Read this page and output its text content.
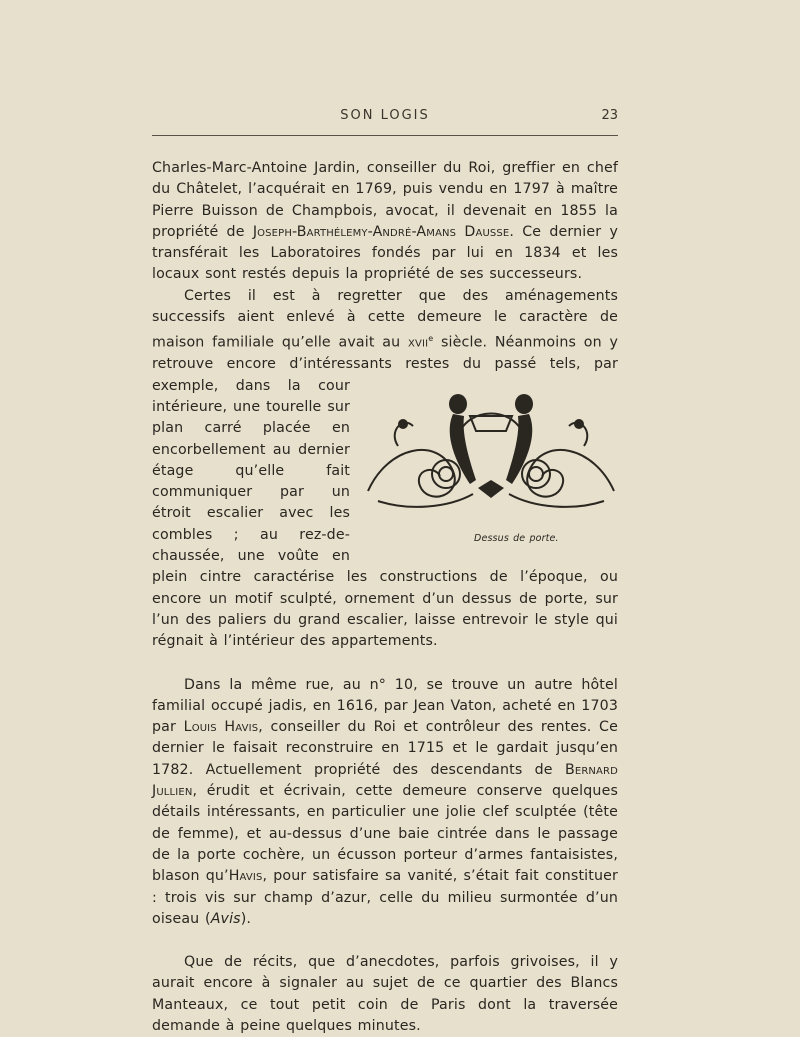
SON LOGIS	23

Charles-Marc-Antoine Jardin, conseiller du Roi, greffier en chef du Châtelet, l’acquérait en 1769, puis vendu en 1797 à maître Pierre Buisson de Champbois, avocat, il devenait en 1855 la propriété de Joseph-Barthélemy-André-Amans Dausse. Ce dernier y transférait les Laboratoires fondés par lui en 1834 et les locaux sont restés depuis la propriété de ses successeurs.

Certes il est à regretter que des aménagements successifs aient enlevé à cette demeure le caractère de maison familiale qu’elle avait au xvii$^e$ siècle. Néanmoins on y retrouve encore d’intéressants restes
Dessus de porte.
du passé tels, par exemple, dans la cour intérieure, une tourelle sur plan carré placée en encorbellement au dernier étage qu’elle fait communiquer par un étroit escalier avec les combles ; au rez-de-chaussée, une voûte en plein cintre caractérise les constructions de l’époque, ou encore un motif sculpté, ornement d’un dessus de porte, sur l’un des paliers du grand escalier, laisse entrevoir le style qui régnait à l’intérieur des appartements.

Dans la même rue, au n° 10, se trouve un autre hôtel familial occupé jadis, en 1616, par Jean Vaton, acheté en 1703 par Louis Havis, conseiller du Roi et contrôleur des rentes. Ce dernier le faisait reconstruire en 1715 et le gardait jusqu’en 1782. Actuellement propriété des descendants de Bernard Jullien, érudit et écrivain, cette demeure conserve quelques détails intéressants, en particulier une jolie clef sculptée (tête de femme), et au-dessus d’une baie cintrée dans le passage de la porte cochère, un écusson porteur d’armes fantaisistes, blason qu’Havis, pour satisfaire sa vanité, s’était fait constituer : trois vis sur champ d’azur, celle du milieu surmontée d’un oiseau (Avis).

Que de récits, que d’anecdotes, parfois grivoises, il y aurait encore à signaler au sujet de ce quartier des Blancs Manteaux, ce tout petit coin de Paris dont la traversée demande à peine quelques minutes.
